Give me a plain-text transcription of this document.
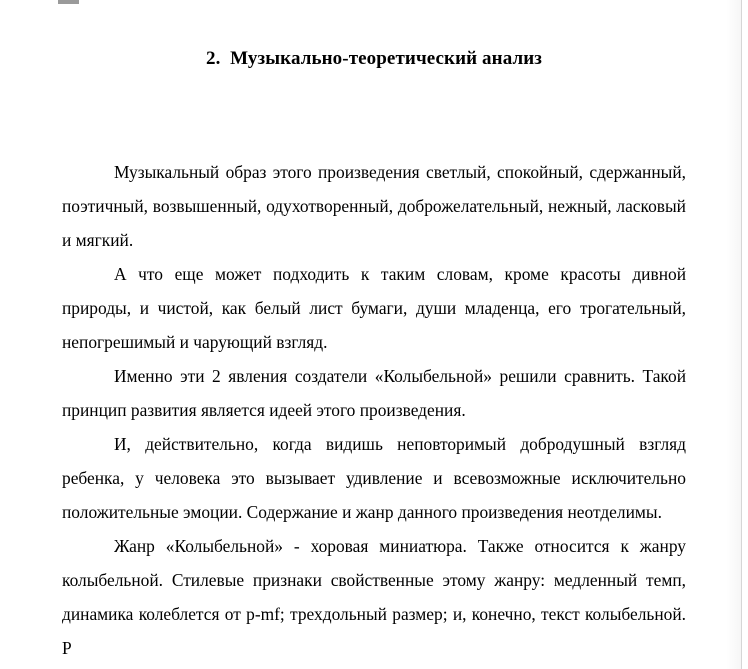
2.  Музыкально-теоретический анализ

Музыкальный образ этого произведения светлый, спокойный, сдержанный, поэтичный, возвышенный, одухотворенный, доброжелательный, нежный, ласковый и мягкий.

А что еще может подходить к таким словам, кроме красоты дивной природы, и чистой, как белый лист бумаги, души младенца, его трогательный, непогрешимый и чарующий взгляд.

Именно эти 2 явления создатели «Колыбельной» решили сравнить. Такой принцип развития является идеей этого произведения.

И, действительно, когда видишь неповторимый добродушный взгляд ребенка, у человека это вызывает удивление и всевозможные исключительно положительные эмоции. Содержание и жанр данного произведения неотделимы.

Жанр «Колыбельной» - хоровая миниатюра. Также относится к жанру колыбельной. Стилевые признаки свойственные этому жанру: медленный темп, динамика колеблется от p-mf; трехдольный размер; и, конечно, текст колыбельной. Р
